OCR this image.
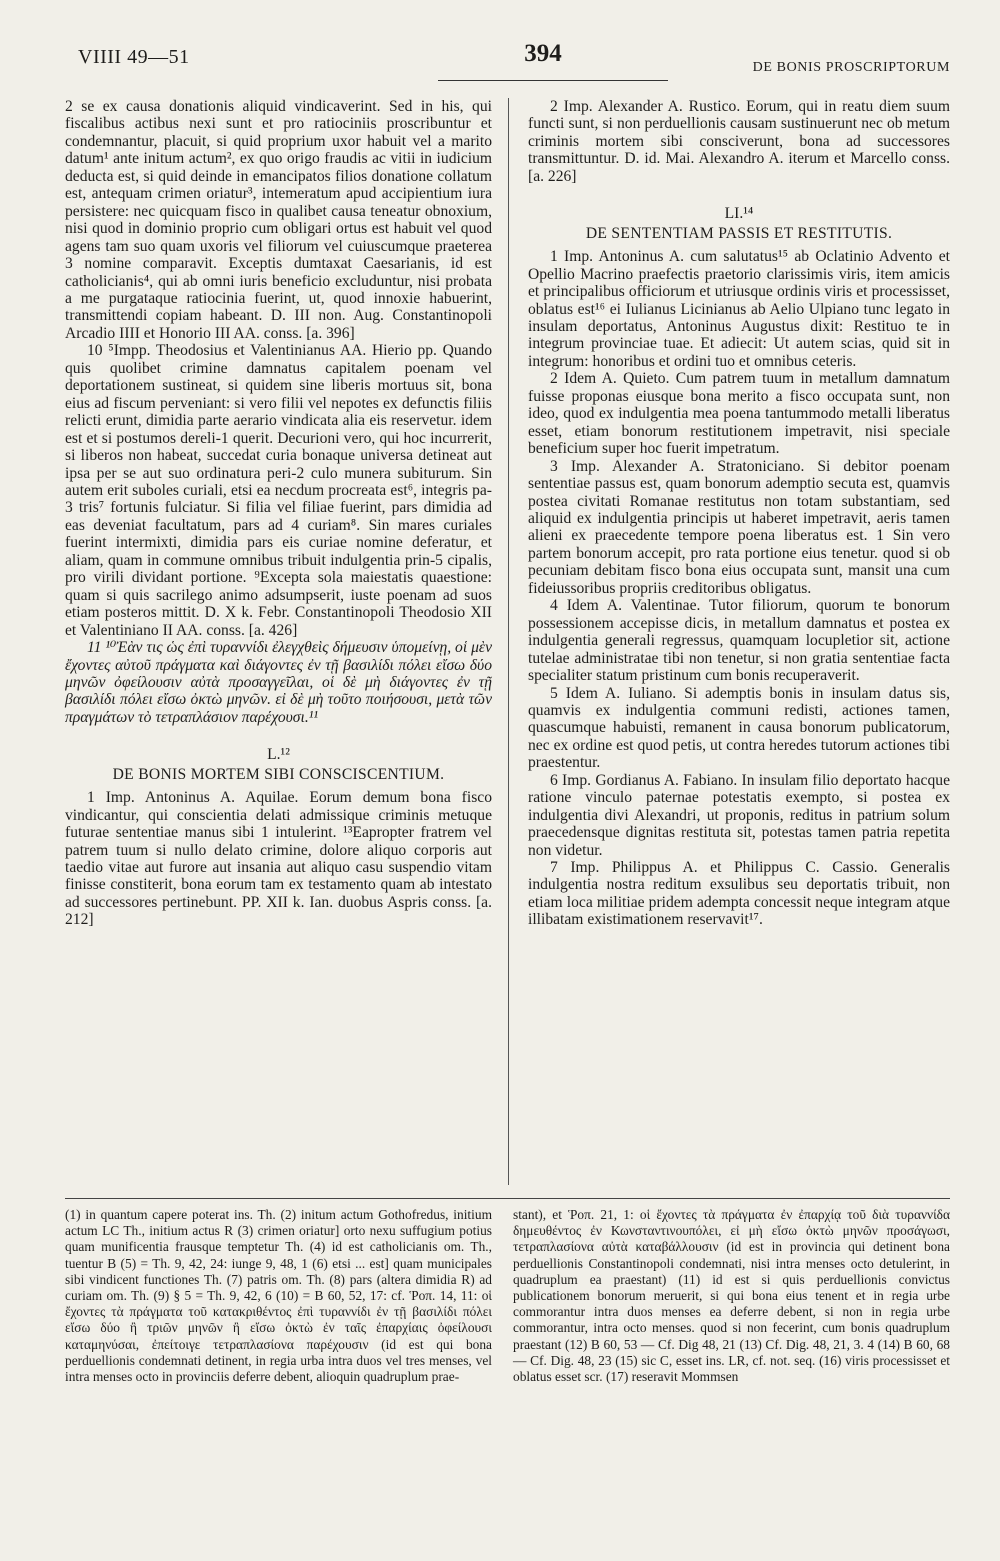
VIIII 49—51	394
DE BONIS PROSCRIPTORUM

2 se ex causa donationis aliquid vindicaverint. Sed in his, qui fiscalibus actibus nexi sunt et pro ratiociniis proscribuntur et condemnantur, placuit, si quid proprium uxor habuit vel a marito datum¹ ante initum actum², ex quo origo fraudis ac vitii in iudicium deducta est, si quid deinde in emancipatos filios donatione collatum est, antequam crimen oriatur³, intemeratum apud accipientium iura persistere: nec quicquam fisco in qualibet causa teneatur obnoxium, nisi quod in dominio proprio cum obligari ortus est habuit vel quod agens tam suo quam uxoris vel filiorum vel cuiuscumque praeterea 3 nomine comparavit. Exceptis dumtaxat Caesarianis, id est catholicianis⁴, qui ab omni iuris beneficio excluduntur, nisi probata a me purgataque ratiocinia fuerint, ut, quod innoxie habuerint, transmittendi copiam habeant. D. III non. Aug. Constantinopoli Arcadio IIII et Honorio III AA. conss. [a. 396]

10 ⁵Impp. Theodosius et Valentinianus AA. Hierio pp. Quando quis quolibet crimine damnatus capitalem poenam vel deportationem sustineat, si quidem sine liberis mortuus sit, bona eius ad fiscum perveniant: si vero filii vel nepotes ex defunctis filiis relicti erunt, dimidia parte aerario vindicata alia eis reservetur. idem est et si postumos dereli-1 querit. Decurioni vero, qui hoc incurrerit, si liberos non habeat, succedat curia bonaque universa detineat aut ipsa per se aut suo ordinatura peri-2 culo munera subiturum. Sin autem erit suboles curiali, etsi ea necdum procreata est⁶, integris pa-3 tris⁷ fortunis fulciatur. Si filia vel filiae fuerint, pars dimidia ad eas deveniat facultatum, pars ad 4 curiam⁸. Sin mares curiales fuerint intermixti, dimidia pars eis curiae nomine deferatur, et aliam, quam in commune omnibus tribuit indulgentia prin-5 cipalis, pro virili dividant portione. ⁹Excepta sola maiestatis quaestione: quam si quis sacrilego animo adsumpserit, iuste poenam ad suos etiam posteros mittit. D. X k. Febr. Constantinopoli Theodosio XII et Valentiniano II AA. conss. [a. 426]

11 ¹⁰Ἐὰν τις ὡς ἐπὶ τυραννίδι ἐλεγχθεὶς δήμευσιν ὑπομείνῃ, οἱ μὲν ἔχοντες αὐτοῦ πράγματα καὶ διάγοντες ἐν τῇ βασιλίδι πόλει εἴσω δύο μηνῶν ὀφείλουσιν αὐτὰ προσαγγεῖλαι, οἱ δὲ μὴ διάγοντες ἐν τῇ βασιλίδι πόλει εἴσω ὀκτὼ μηνῶν. εἰ δὲ μὴ τοῦτο ποιήσουσι, μετὰ τῶν πραγμάτων τὸ τετραπλάσιον παρέχουσι.¹¹

L.¹²
DE BONIS MORTEM SIBI CONSCISCENTIUM.

1 Imp. Antoninus A. Aquilae. Eorum demum bona fisco vindicantur, qui conscientia delati admissique criminis metuque futurae sententiae manus sibi 1 intulerint. ¹³Eapropter fratrem vel patrem tuum si nullo delato crimine, dolore aliquo corporis aut taedio vitae aut furore aut insania aut aliquo casu suspendio vitam finisse constiterit, bona eorum tam ex testamento quam ab intestato ad successores pertinebunt. PP. XII k. Ian. duobus Aspris conss. [a. 212]

2 Imp. Alexander A. Rustico. Eorum, qui in reatu diem suum functi sunt, si non perduellionis causam sustinuerunt nec ob metum criminis mortem sibi consciverunt, bona ad successores transmittuntur. D. id. Mai. Alexandro A. iterum et Marcello conss. [a. 226]

LI.¹⁴
DE SENTENTIAM PASSIS ET RESTITUTIS.

1 Imp. Antoninus A. cum salutatus¹⁵ ab Oclatinio Advento et Opellio Macrino praefectis praetorio clarissimis viris, item amicis et principalibus officiorum et utriusque ordinis viris et processisset, oblatus est¹⁶ ei Iulianus Licinianus ab Aelio Ulpiano tunc legato in insulam deportatus, Antoninus Augustus dixit: Restituo te in integrum provinciae tuae. Et adiecit: Ut autem scias, quid sit in integrum: honoribus et ordini tuo et omnibus ceteris.

2 Idem A. Quieto. Cum patrem tuum in metallum damnatum fuisse proponas eiusque bona merito a fisco occupata sunt, non ideo, quod ex indulgentia mea poena tantummodo metalli liberatus esset, etiam bonorum restitutionem impetravit, nisi speciale beneficium super hoc fuerit impetratum.

3 Imp. Alexander A. Stratoniciano. Si debitor poenam sententiae passus est, quam bonorum ademptio secuta est, quamvis postea civitati Romanae restitutus non totam substantiam, sed aliquid ex indulgentia principis ut haberet impetravit, aeris tamen alieni ex praecedente tempore poena liberatus est. 1 Sin vero partem bonorum accepit, pro rata portione eius tenetur. quod si ob pecuniam debitam fisco bona eius occupata sunt, mansit una cum fideiussoribus propriis creditoribus obligatus.

4 Idem A. Valentinae. Tutor filiorum, quorum te bonorum possessionem accepisse dicis, in metallum damnatus et postea ex indulgentia generali regressus, quamquam locupletior sit, actione tutelae administratae tibi non tenetur, si non gratia sententiae facta specialiter statum pristinum cum bonis recuperaverit.

5 Idem A. Iuliano. Si ademptis bonis in insulam datus sis, quamvis ex indulgentia communi redisti, actiones tamen, quascumque habuisti, remanent in causa bonorum publicatorum, nec ex ordine est quod petis, ut contra heredes tutorum actiones tibi praestentur.

6 Imp. Gordianus A. Fabiano. In insulam filio deportato hacque ratione vinculo paternae potestatis exempto, si postea ex indulgentia divi Alexandri, ut proponis, reditus in patrium solum praecedensque dignitas restituta sit, potestas tamen patria repetita non videtur.

7 Imp. Philippus A. et Philippus C. Cassio. Generalis indulgentia nostra reditum exsulibus seu deportatis tribuit, non etiam loca militiae pridem adempta concessit neque integram atque illibatam existimationem reservavit¹⁷.

(1) in quantum capere poterat ins. Th. (2) initum actum Gothofredus, initium actum LC Th., initium actus R (3) crimen oriatur] orto nexu suffugium potius quam munificentia frausque temptetur Th. (4) id est catholicianis om. Th., tuentur B (5) = Th. 9, 42, 24: iunge 9, 48, 1 (6) etsi ... est] quam municipales sibi vindicent functiones Th. (7) patris om. Th. (8) pars (altera dimidia R) ad curiam om. Th. (9) § 5 = Th. 9, 42, 6 (10) = B 60, 52, 17: cf. Ῥοπ. 14, 11: οἱ ἔχοντες τὰ πράγματα τοῦ κατακριθέντος ἐπὶ τυραννίδι ἐν τῇ βασιλίδι πόλει εἴσω δύο ἢ τριῶν μηνῶν ἢ εἴσω ὀκτὼ ἐν ταῖς ἐπαρχίαις ὀφείλουσι καταμηνύσαι, ἐπείτοιγε τετραπλασίονα παρέχουσιν (id est qui bona perduellionis condemnati detinent, in regia urba intra duos vel tres menses, vel intra menses octo in provinciis deferre debent, alioquin quadruplum prae-

stant), et Ῥοπ. 21, 1: οἱ ἔχοντες τὰ πράγματα ἐν ἐπαρχίᾳ τοῦ διὰ τυραννίδα δημευθέντος ἐν Κωνσταντινουπόλει, εἰ μὴ εἴσω ὀκτὼ μηνῶν προσάγωσι, τετραπλασίονα αὐτὰ καταβάλλουσιν (id est in provincia qui detinent bona perduellionis Constantinopoli condemnati, nisi intra menses octo detulerint, in quadruplum ea praestant) (11) id est si quis perduellionis convictus publicationem bonorum meruerit, si qui bona eius tenent et in regia urbe commorantur intra duos menses ea deferre debent, si non in regia urbe commorantur, intra octo menses. quod si non fecerint, cum bonis quadruplum praestant (12) B 60, 53 — Cf. Dig 48, 21 (13) Cf. Dig. 48, 21, 3. 4 (14) B 60, 68 — Cf. Dig. 48, 23 (15) sic C, esset ins. LR, cf. not. seq. (16) viris processisset et oblatus esset scr. (17) reseravit Mommsen
